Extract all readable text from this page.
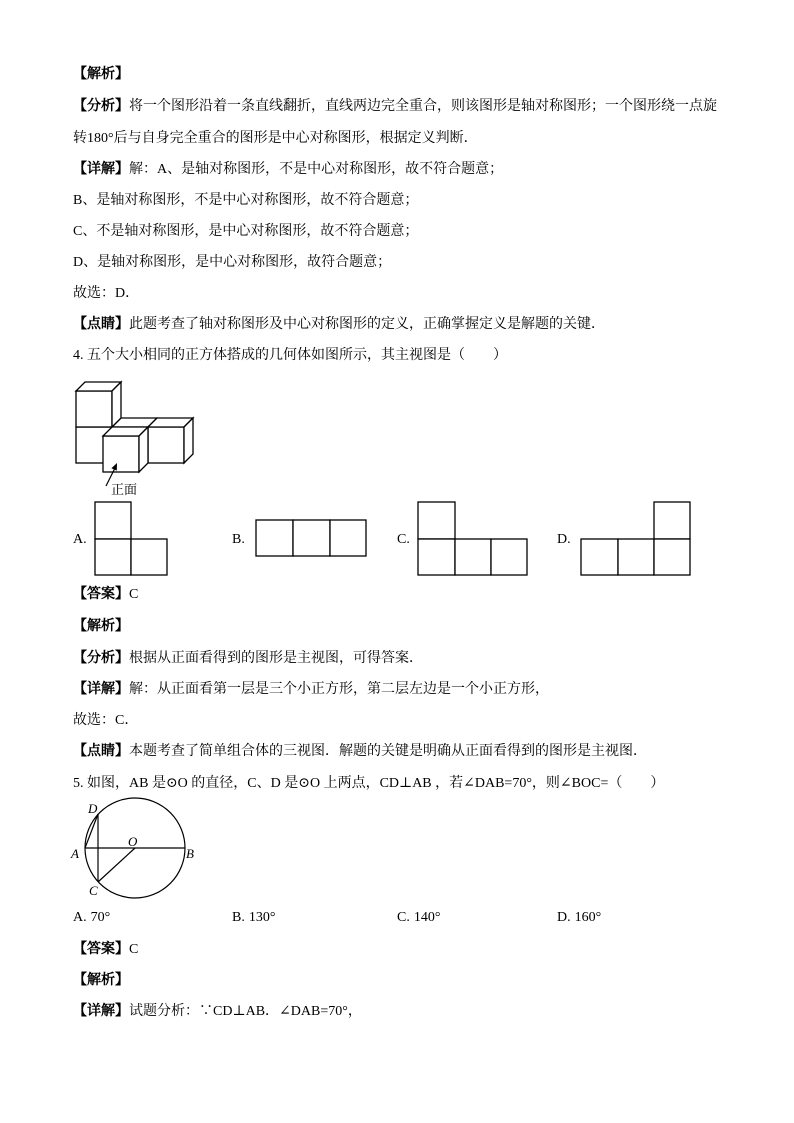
【解析】
【分析】将一个图形沿着一条直线翻折，直线两边完全重合，则该图形是轴对称图形；一个图形绕一点旋
转180°后与自身完全重合的图形是中心对称图形，根据定义判断．
【详解】解：A、是轴对称图形，不是中心对称图形，故不符合题意；
B、是轴对称图形，不是中心对称图形，故不符合题意；
C、不是轴对称图形，是中心对称图形，故不符合题意；
D、是轴对称图形，是中心对称图形，故符合题意；
故选：D．
【点睛】此题考查了轴对称图形及中心对称图形的定义，正确掌握定义是解题的关键．
4. 五个大小相同的正方体搭成的几何体如图所示，其主视图是（　　）
正面
A.	B.	C.	D.
【答案】C
【解析】
【分析】根据从正面看得到的图形是主视图，可得答案．
【详解】解：从正面看第一层是三个小正方形，第二层左边是一个小正方形，
故选：C．
【点睛】本题考查了简单组合体的三视图．解题的关键是明确从正面看得到的图形是主视图．
5. 如图，AB 是⊙O 的直径，C、D 是⊙O 上两点，CD⊥AB ，若∠DAB=70°，则∠BOC=（　　）
D
A	B
C
O
A. 70°	B. 130°	C. 140°	D. 160°
【答案】C
【解析】
【详解】试题分析：∵CD⊥AB．∠DAB=70°，
